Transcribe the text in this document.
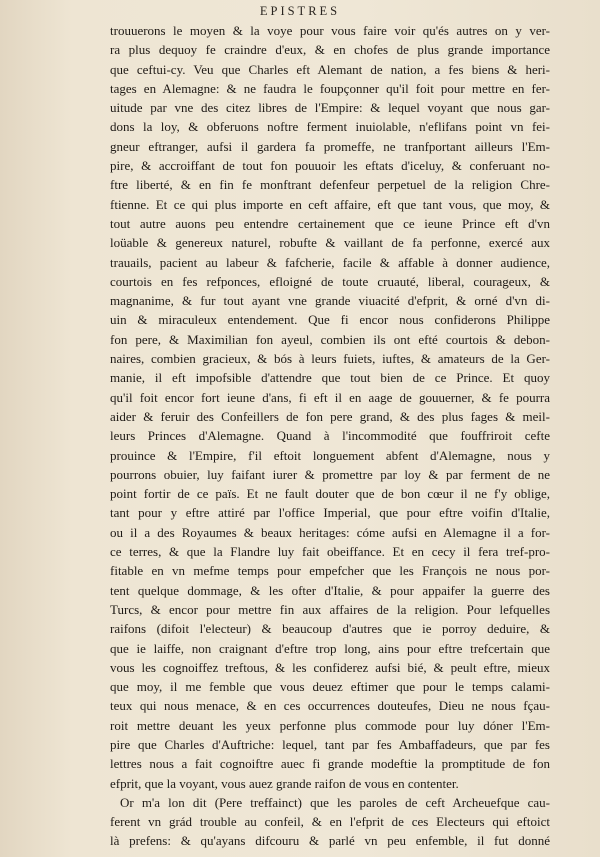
EPISTRES
trouuerons le moyen & la voye pour vous faire voir qu'és autres on y ver-
ra plus dequoy fe craindre d'eux, & en chofes de plus grande importance
que ceftui-cy. Veu que Charles eft Alemant de nation, a fes biens & heri-
tages en Alemagne: & ne faudra le foupçonner qu'il foit pour mettre en fer-
uitude par vne des citez libres de l'Empire: & lequel voyant que nous gar-
dons la loy, & obferuons noftre ferment inuiolable, n'eflifans point vn fei-
gneur eftranger, aufsi il gardera fa promeffe, ne tranfportant ailleurs l'Em-
pire, & accroiffant de tout fon pouuoir les eftats d'iceluy, & conferuant no-
ftre liberté, & en fin fe monftrant defenfeur perpetuel de la religion Chre-
ftienne. Et ce qui plus importe en ceft affaire, eft que tant vous, que moy, &
tout autre auons peu entendre certainement que ce ieune Prince eft d'vn
loüable & genereux naturel, robufte & vaillant de fa perfonne, exercé aux
trauails, pacient au labeur & fafcherie, facile & affable à donner audience,
courtois en fes refponces, efloigné de toute cruauté, liberal, courageux, &
magnanime, & fur tout ayant vne grande viuacité d'efprit, & orné d'vn di-
uin & miraculeux entendement. Que fi encor nous confiderons Philippe
fon pere, & Maximilian fon ayeul, combien ils ont efté courtois & debon-
naires, combien gracieux, & bós à leurs fuiets, iuftes, & amateurs de la Ger-
manie, il eft impofsible d'attendre que tout bien de ce Prince. Et quoy
qu'il foit encor fort ieune d'ans, fi eft il en aage de gouuerner, & fe pourra
aider & feruir des Confeillers de fon pere grand, & des plus fages & meil-
leurs Princes d'Alemagne. Quand à l'incommodité que fouffriroit cefte
prouince & l'Empire, f'il eftoit longuement abfent d'Alemagne, nous y
pourrons obuier, luy faifant iurer & promettre par loy & par ferment de ne
point fortir de ce païs. Et ne fault douter que de bon cœur il ne f'y oblige,
tant pour y eftre attiré par l'office Imperial, que pour eftre voifin d'Italie,
ou il a des Royaumes & beaux heritages: cóme aufsi en Alemagne il a for-
ce terres, & que la Flandre luy fait obeiffance. Et en cecy il fera tref-pro-
fitable en vn mefme temps pour empefcher que les François ne nous por-
tent quelque dommage, & les ofter d'Italie, & pour appaifer la guerre des
Turcs, & encor pour mettre fin aux affaires de la religion. Pour lefquelles
raifons (difoit l'electeur) & beaucoup d'autres que ie porroy deduire, &
que ie laiffe, non craignant d'eftre trop long, ains pour eftre trefcertain que
vous les cognoiffez treftous, & les confiderez aufsi bié, & peult eftre, mieux
que moy, il me femble que vous deuez eftimer que pour le temps calami-
teux qui nous menace, & en ces occurrences douteufes, Dieu ne nous fçau-
roit mettre deuant les yeux perfonne plus commode pour luy dóner l'Em-
pire que Charles d'Auftriche: lequel, tant par fes Ambaffadeurs, que par fes
lettres nous a fait cognoiftre auec fi grande modeftie la promptitude de fon
efprit, que la voyant, vous auez grande raifon de vous en contenter.
Or m'a lon dit (Pere treffainct) que les paroles de ceft Archeuefque cau-
ferent vn grád trouble au confeil, & en l'efprit de ces Electeurs qui eftoict
là prefens: & qu'ayans difcouru & parlé vn peu enfemble, il fut donné
